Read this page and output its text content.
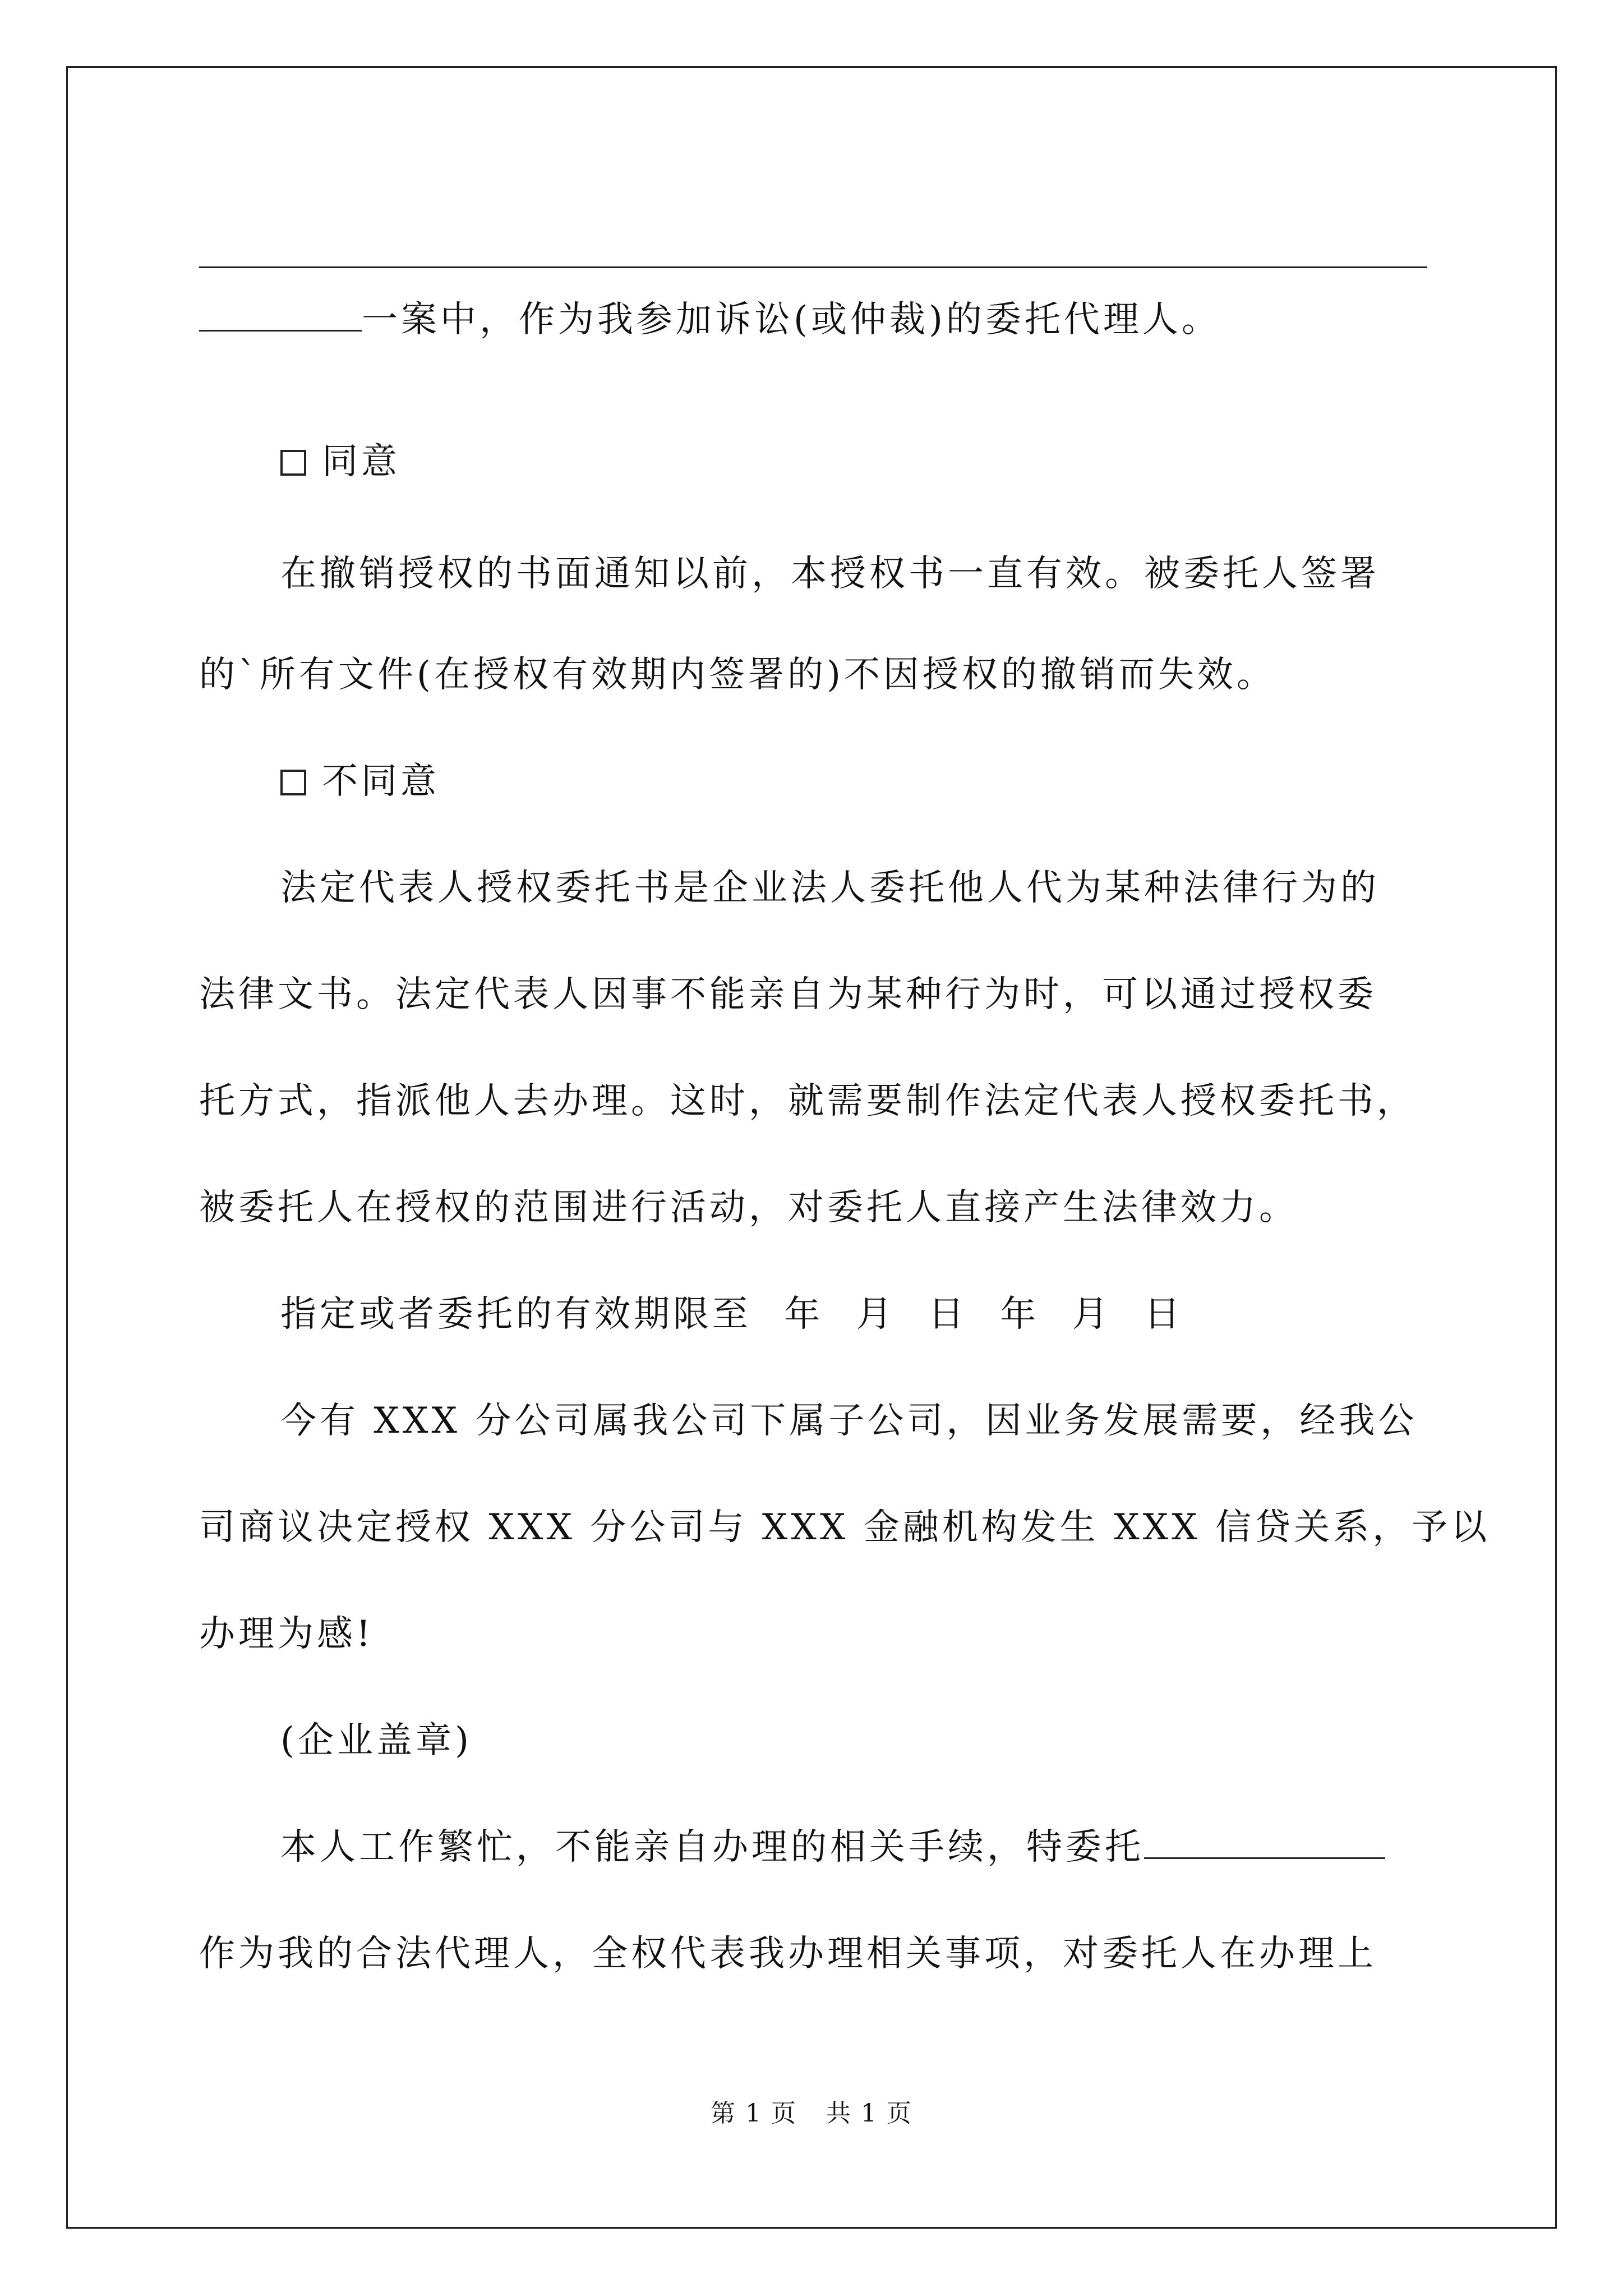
一案中，作为我参加诉讼(或仲裁)的委托代理人。
同意
在撤销授权的书面通知以前，本授权书一直有效。被委托人签署
的`所有文件(在授权有效期内签署的)不因授权的撤销而失效。
不同意
法定代表人授权委托书是企业法人委托他人代为某种法律行为的
法律文书。法定代表人因事不能亲自为某种行为时，可以通过授权委
托方式，指派他人去办理。这时，就需要制作法定代表人授权委托书，
被委托人在授权的范围进行活动，对委托人直接产生法律效力。
指定或者委托的有效期限至 年 月 日 年 月 日
今有 XXX 分公司属我公司下属子公司，因业务发展需要，经我公
司商议决定授权 XXX 分公司与 XXX 金融机构发生 XXX 信贷关系，予以
办理为感!
(企业盖章)
本人工作繁忙，不能亲自办理的相关手续，特委托
作为我的合法代理人，全权代表我办理相关事项，对委托人在办理上
第 1 页 共 1 页
